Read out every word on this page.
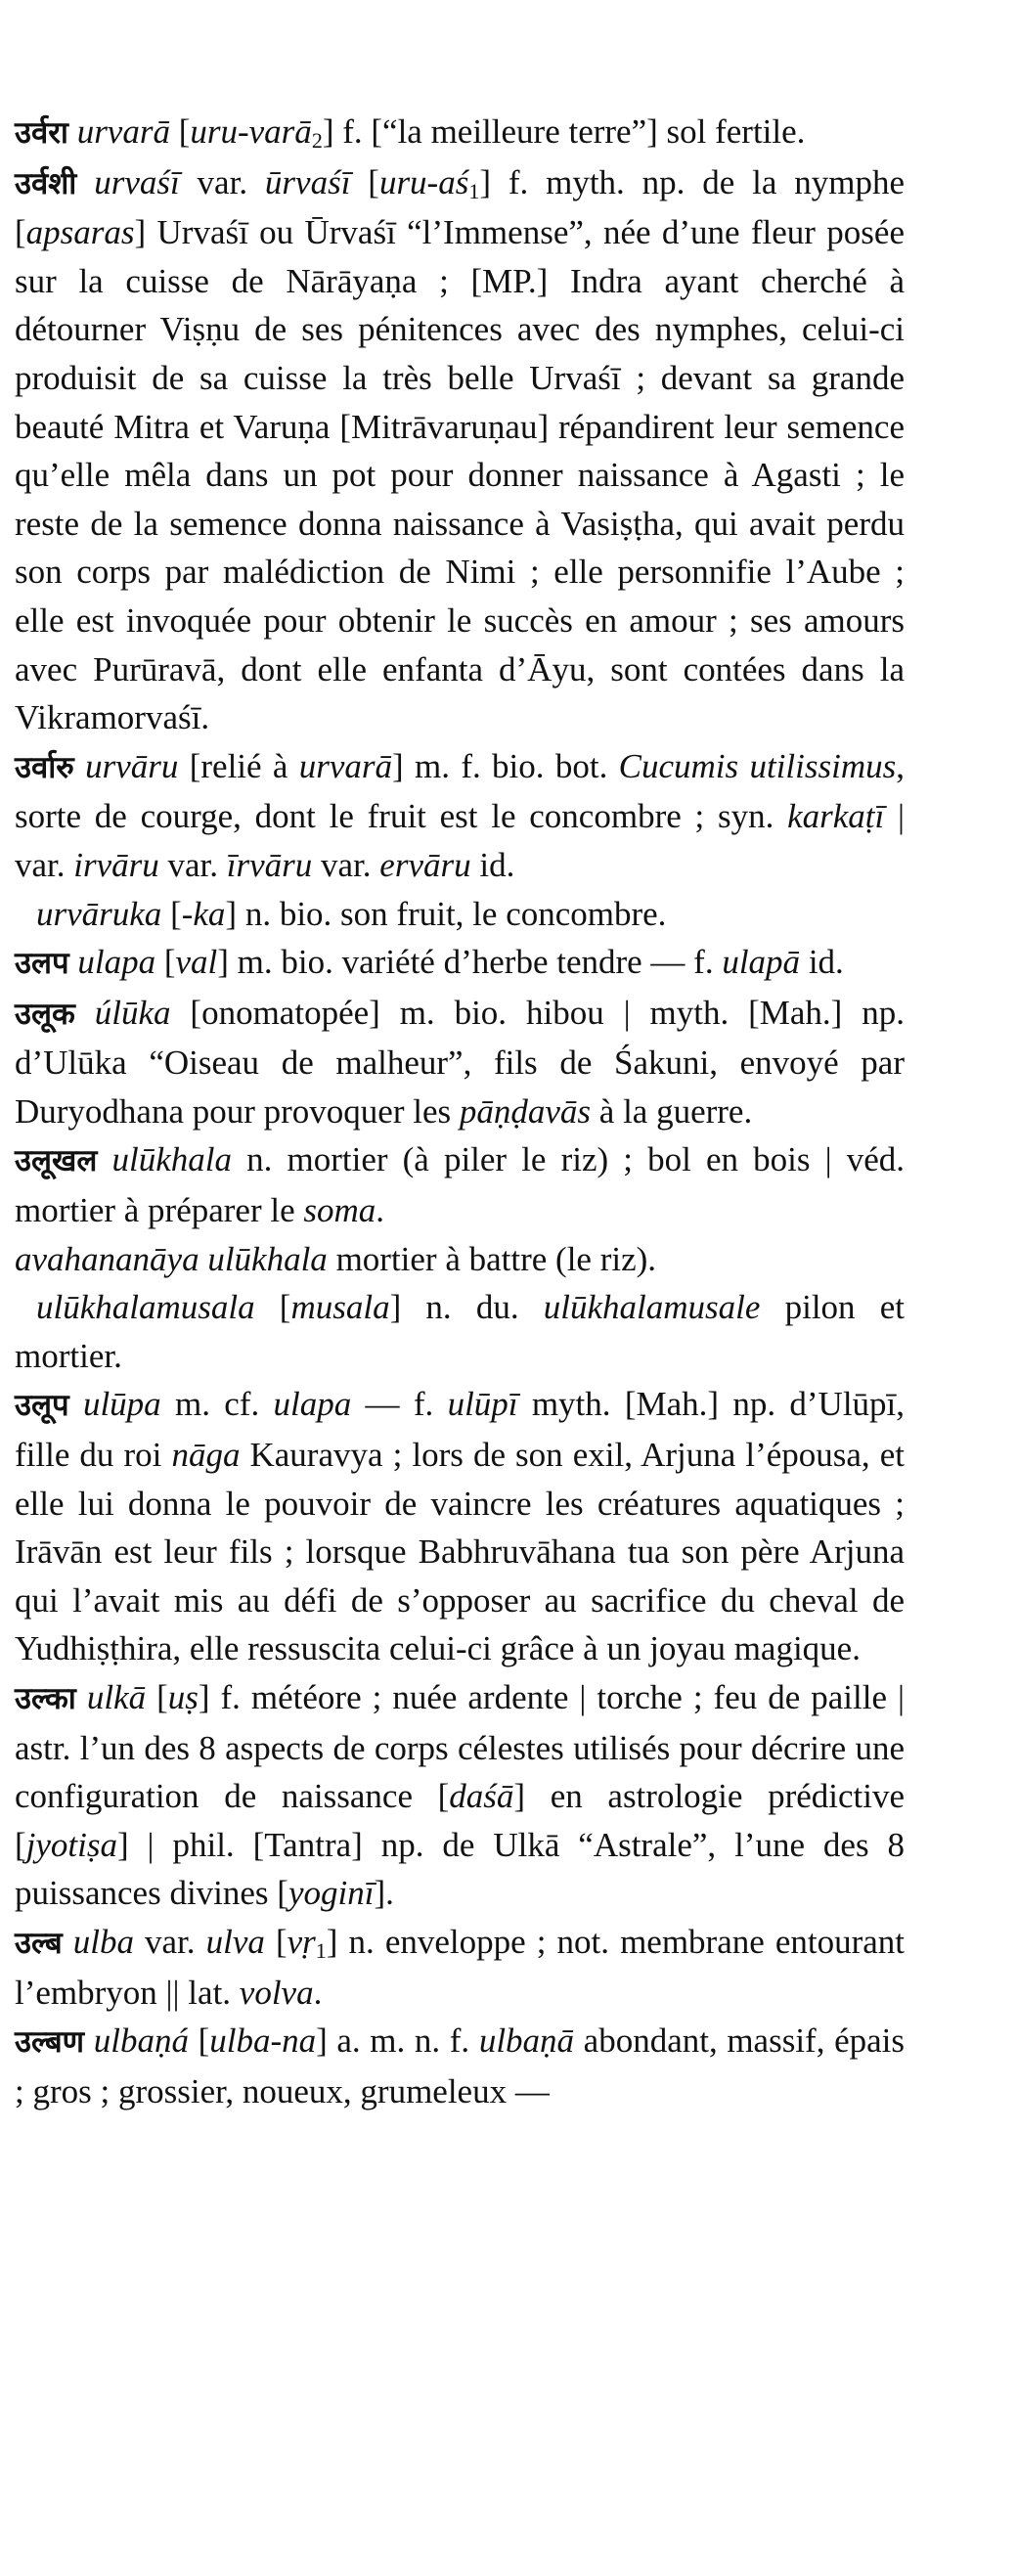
उर्वरा urvarā [uru-varā$_2$] f. [“la meilleure terre”] sol fertile.

उर्वशी urvaśī var. ūrvaśī $[uru-aś_1]$ f. myth. np. de la nymphe [apsaras] Urvaśī ou Ūrvaśī “l’Immense”, née d’une fleur posée sur la cuisse de Nārāyaṇa ; [MP.] Indra ayant cherché à détourner Viṣṇu de ses pénitences avec des nymphes, celui-ci produisit de sa cuisse la très belle Urvaśī ; devant sa grande beauté Mitra et Varuṇa [Mitrāvaruṇau] répandirent leur semence qu’elle mêla dans un pot pour donner naissance à Agasti ; le reste de la semence donna naissance à Vasiṣṭha, qui avait perdu son corps par malédiction de Nimi ; elle personnifie l’Aube ; elle est invoquée pour obtenir le succès en amour ; ses amours avec Purūravā, dont elle enfanta d’Āyu, sont contées dans la Vikramorvaśī.

उर्वारु urvāru [relié à urvarā] m. f. bio. bot. Cucumis utilissimus, sorte de courge, dont le fruit est le concombre ; syn. karkaṭī | var. irvāru var. īrvāru var. ervāru id.

urvāruka [-ka] n. bio. son fruit, le concombre.

उलप ulapa [val] m. bio. variété d’herbe tendre — f. ulapā id.

उलूक úlūka [onomatopée] m. bio. hibou | myth. [Mah.] np. d’Ulūka “Oiseau de malheur”, fils de Śakuni, envoyé par Duryodhana pour provoquer les pāṇḍavās à la guerre.

उलूखल ulūkhala n. mortier (à piler le riz) ; bol en bois | véd. mortier à préparer le soma.

avahananāya ulūkhala mortier à battre (le riz).

ulūkhalamusala [musala] n. du. ulūkhalamusale pilon et mortier.

उलूप ulūpa m. cf. ulapa — f. ulūpī myth. [Mah.] np. d’Ulūpī, fille du roi nāga Kauravya ; lors de son exil, Arjuna l’épousa, et elle lui donna le pouvoir de vaincre les créatures aquatiques ; Irāvān est leur fils ; lorsque Babhruvāhana tua son père Arjuna qui l’avait mis au défi de s’opposer au sacrifice du cheval de Yudhiṣṭhira, elle ressuscita celui-ci grâce à un joyau magique.

उल्का ulkā [uṣ] f. météore ; nuée ardente | torche ; feu de paille | astr. l’un des 8 aspects de corps célestes utilisés pour décrire une configuration de naissance [daśā] en astrologie prédictive [jyotiṣa] | phil. [Tantra] np. de Ulkā “Astrale”, l’une des 8 puissances divines [yoginī].

उल्ब ulba var. ulva [vṛ$_1$] n. enveloppe ; not. membrane entourant l’embryon || lat. volva.

उल्बण ulbaṇá [ulba-na] a. m. n. f. ulbaṇā abondant, massif, épais ; gros ; grossier, noueux, grumeleux —
